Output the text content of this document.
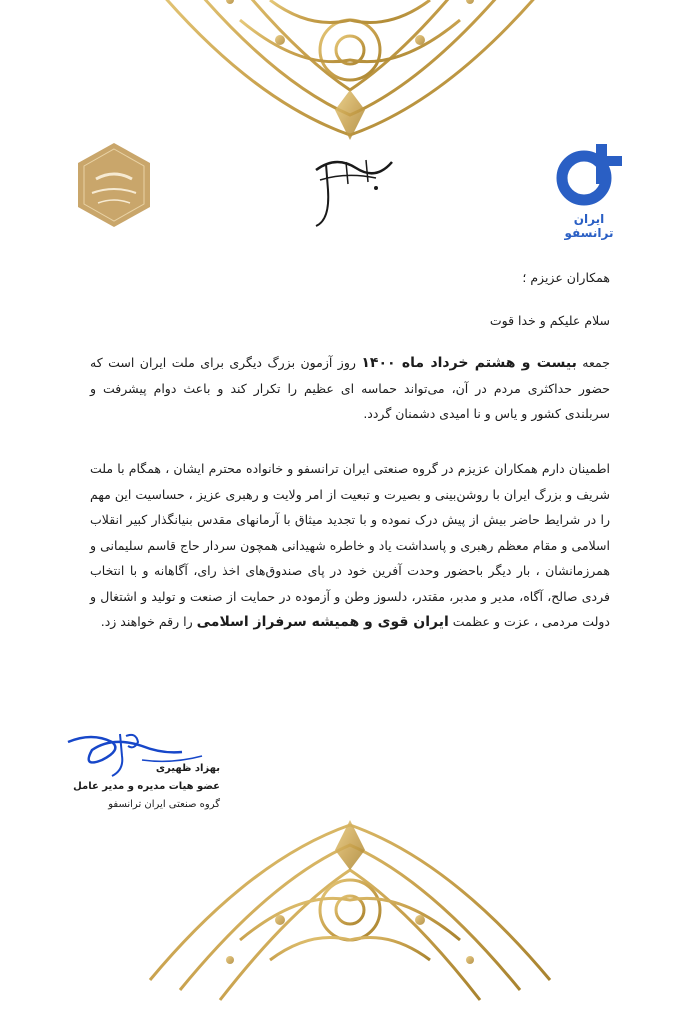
ایران ترانسفو
همکاران عزیزم ؛
سلام علیکم و خدا قوت
جمعه بیست و هشتم خرداد ماه ۱۴۰۰ روز آزمون بزرگ دیگری برای ملت ایران است که حضور حداکثری مردم در آن، می‌تواند حماسه ای عظیم را تکرار کند و باعث دوام پیشرفت و سربلندی کشور و یاس و نا امیدی دشمنان گردد.
اطمینان دارم همکاران عزیزم در گروه صنعتی ایران ترانسفو و خانواده محترم ایشان ، همگام با ملت شریف و بزرگ ایران با روشن‌بینی و بصیرت و تبعیت از امر ولایت و رهبری عزیز ، حساسیت این مهم را در شرایط حاضر بیش از پیش درک نموده و با تجدید میثاق با آرمانهای مقدس بنیانگذار کبیر انقلاب اسلامی و مقام معظم رهبری و پاسداشت یاد و خاطره شهیدانی همچون سردار حاج قاسم سلیمانی و همرزمانشان ، بار دیگر باحضور وحدت آفرین خود در پای صندوق‌های اخذ رای، آگاهانه و با انتخاب فردی صالح، آگاه، مدیر و مدبر، مقتدر، دلسوز وطن و آزموده در حمایت از صنعت و تولید و اشتغال و دولت مردمی ، عزت و عظمت ایران قوی و همیشه سرفراز اسلامی را رقم خواهند زد.
بهزاد ظهیری
عضو هیات مدیره و مدیر عامل
گروه صنعتی ایران ترانسفو
